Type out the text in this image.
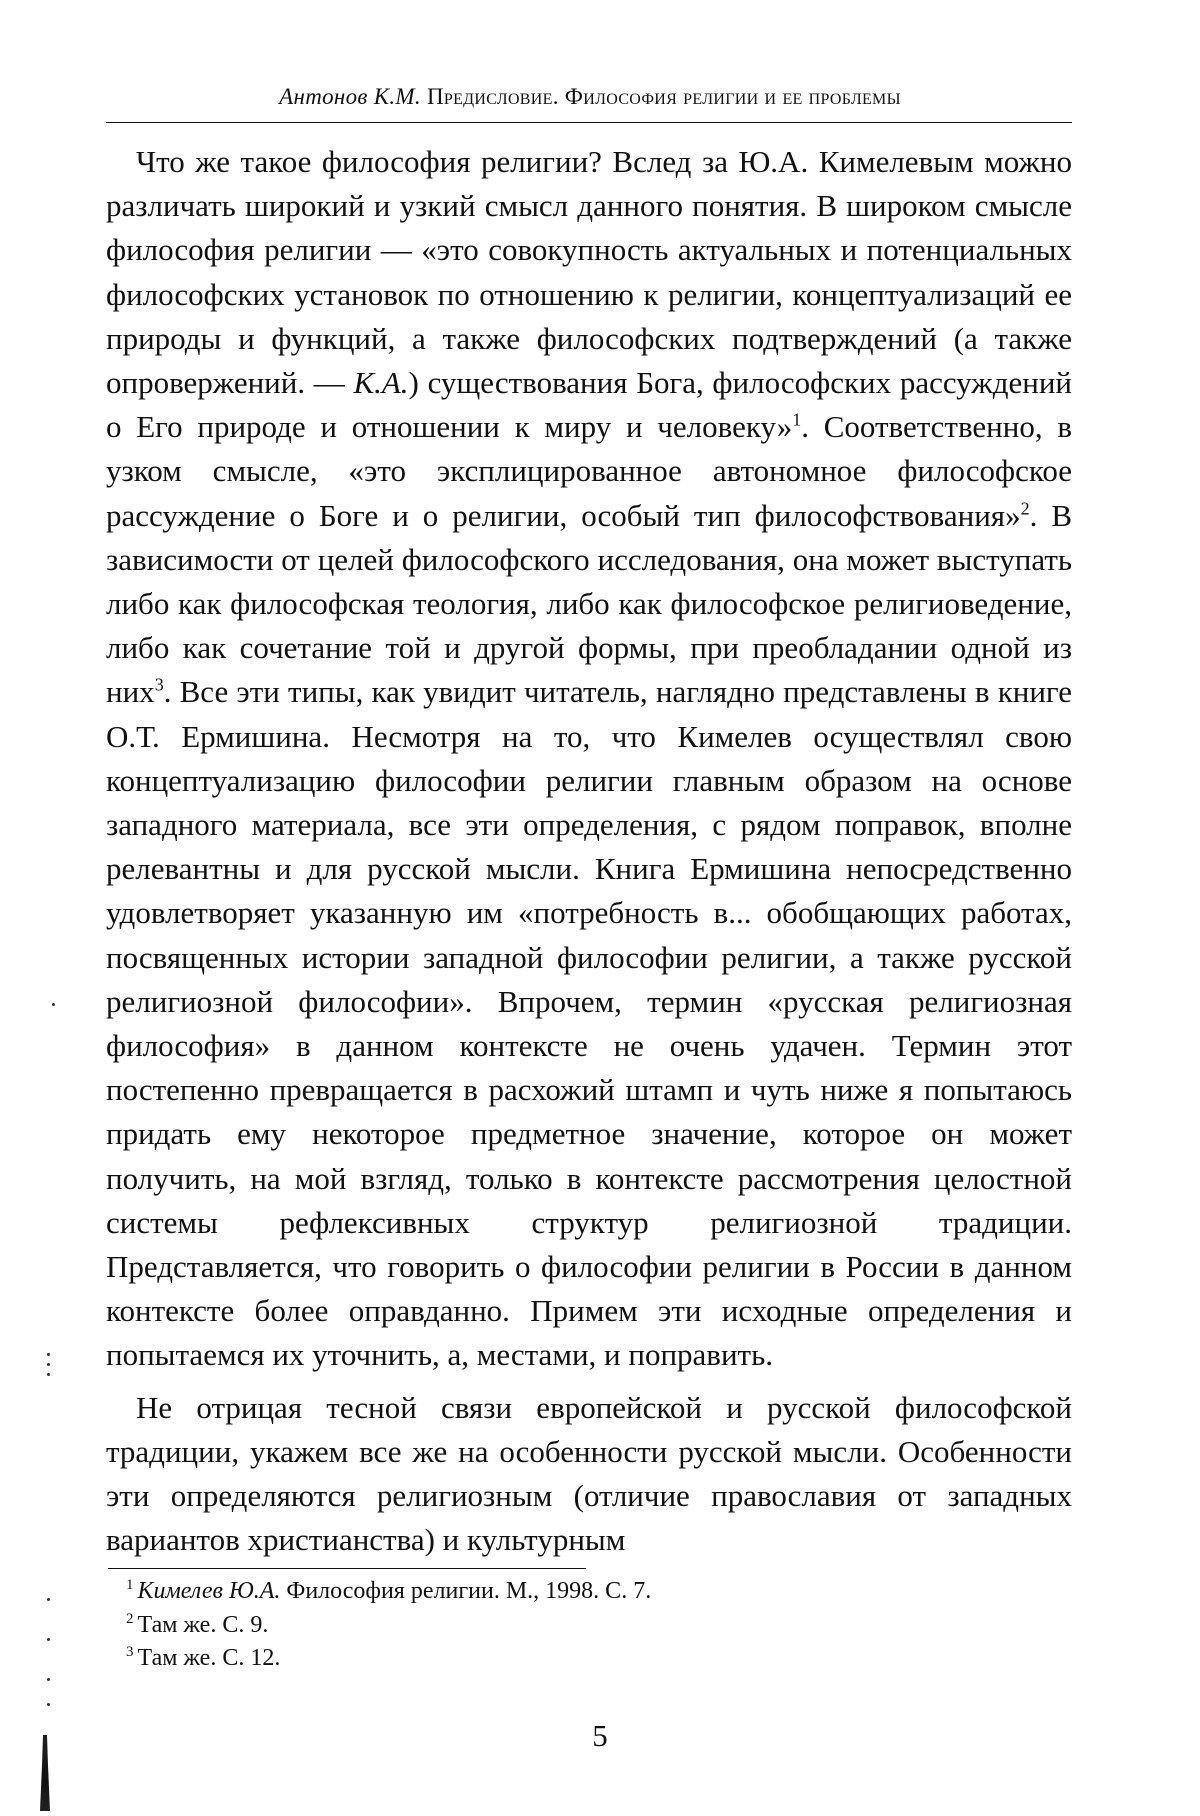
Антонов К.М. Предисловие. Философия религии и ее проблемы

Что же такое философия религии? Вслед за Ю.А. Кимелевым можно различать широкий и узкий смысл данного понятия. В широком смысле философия религии — «это совокупность актуальных и потенциальных философских установок по отношению к религии, концептуализаций ее природы и функций, а также философских подтверждений (а также опровержений. — К.А.) существования Бога, философских рассуждений о Его природе и отношении к миру и человеку»$^1$. Соответственно, в узком смысле, «это эксплицированное автономное философское рассуждение о Боге и о религии, особый тип философствования»$^2$. В зависимости от целей философского исследования, она может выступать либо как философская теология, либо как философское религиоведение, либо как сочетание той и другой формы, при преобладании одной из них$^3$. Все эти типы, как увидит читатель, наглядно представлены в книге О.Т. Ермишина. Несмотря на то, что Кимелев осуществлял свою концептуализацию философии религии главным образом на основе западного материала, все эти определения, с рядом поправок, вполне релевантны и для русской мысли. Книга Ермишина непосредственно удовлетворяет указанную им «потребность в... обобщающих работах, посвященных истории западной философии религии, а также русской религиозной философии». Впрочем, термин «русская религиозная философия» в данном контексте не очень удачен. Термин этот постепенно превращается в расхожий штамп и чуть ниже я попытаюсь придать ему некоторое предметное значение, которое он может получить, на мой взгляд, только в контексте рассмотрения целостной системы рефлексивных структур религиозной традиции. Представляется, что говорить о философии религии в России в данном контексте более оправданно. Примем эти исходные определения и попытаемся их уточнить, а, местами, и поправить.

Не отрицая тесной связи европейской и русской философской традиции, укажем все же на особенности русской мысли. Особенности эти определяются религиозным (отличие православия от западных вариантов христианства) и культурным

$^1$ Кимелев Ю.А. Философия религии. М., 1998. С. 7.
$^2$ Там же. С. 9.
$^3$ Там же. С. 12.
5
